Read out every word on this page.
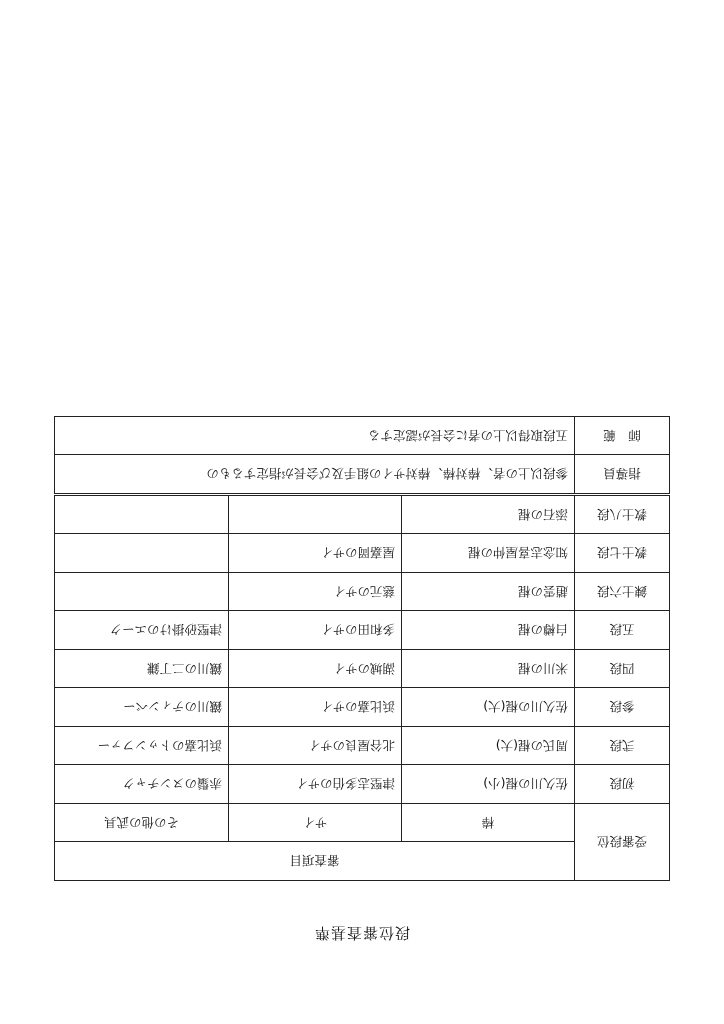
段位審査基準
受審段位	審査項目		
	棒	サイ	その他の武具
初段	佐久川の棍(小)	津堅志多伯のサイ	赤鬚のヌンチャク
弐段	周氏の棍(大)	北谷屋良のサイ	浜比嘉のトゥンファー
参段	佐久川の棍(大)	浜比嘉のサイ	鐵川のティンベー
四段	米川の棍	湖城のサイ	鐵川の二丁鎌
五段	白樽の棍	多和田のサイ	津堅砂掛けのエーク
錬士六段	趙雲の棍	慈元のサイ	
教士七段	知念志喜屋仲の棍	屋嘉岡のサイ	
教士八段	添石の棍		
指導員	参段以上の者、棒対棒、棒対サイの組手及び会長が指定するもの		
師　範	五段取得以上の者に会長が認定する		
